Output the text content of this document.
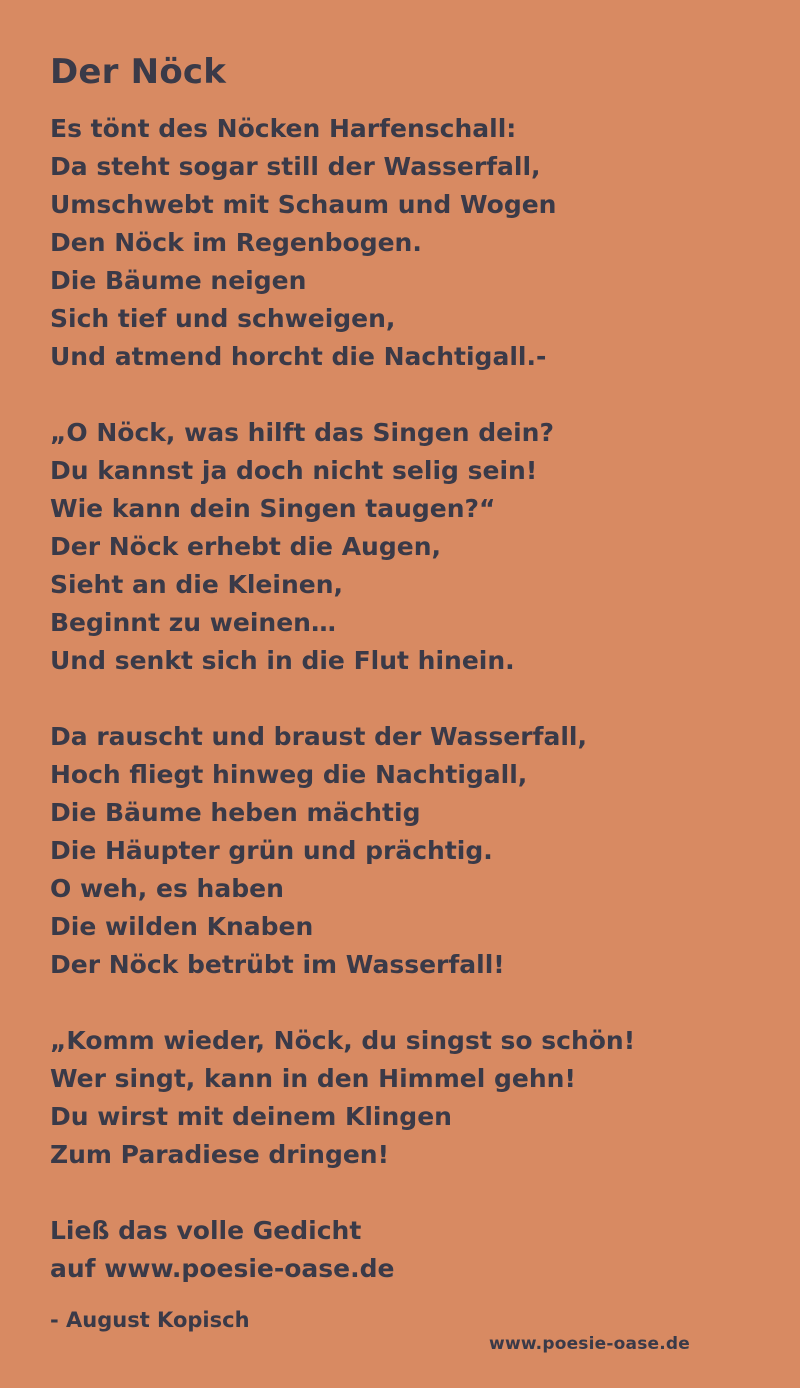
Der Nöck
Es tönt des Nöcken Harfenschall:
Da steht sogar still der Wasserfall,
Umschwebt mit Schaum und Wogen
Den Nöck im Regenbogen.
Die Bäume neigen
Sich tief und schweigen,
Und atmend horcht die Nachtigall.-
„O Nöck, was hilft das Singen dein?
Du kannst ja doch nicht selig sein!
Wie kann dein Singen taugen?“
Der Nöck erhebt die Augen,
Sieht an die Kleinen,
Beginnt zu weinen…
Und senkt sich in die Flut hinein.
Da rauscht und braust der Wasserfall,
Hoch fliegt hinweg die Nachtigall,
Die Bäume heben mächtig
Die Häupter grün und prächtig.
O weh, es haben
Die wilden Knaben
Der Nöck betrübt im Wasserfall!
„Komm wieder, Nöck, du singst so schön!
Wer singt, kann in den Himmel gehn!
Du wirst mit deinem Klingen
Zum Paradiese dringen!
Ließ das volle Gedicht
auf www.poesie-oase.de
- August Kopisch
www.poesie-oase.de
